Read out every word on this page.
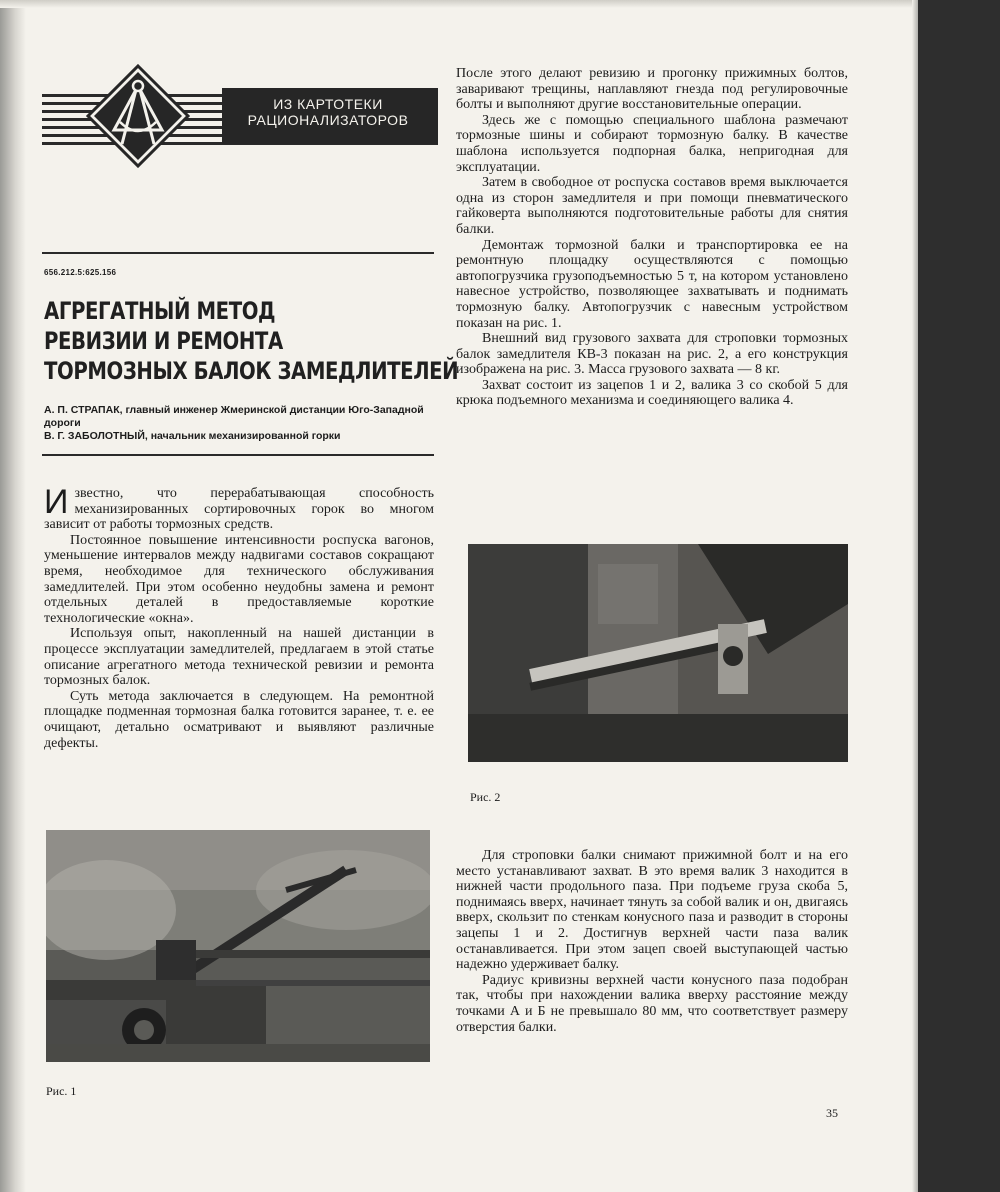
ИЗ КАРТОТЕКИ
РАЦИОНАЛИЗАТОРОВ
656.212.5:625.156
АГРЕГАТНЫЙ МЕТОД
РЕВИЗИИ И РЕМОНТА
ТОРМОЗНЫХ БАЛОК ЗАМЕДЛИТЕЛЕЙ
А. П. СТРАПАК, главный инженер Жмеринской дистанции Юго-Западной дороги
В. Г. ЗАБОЛОТНЫЙ, начальник механизированной горки

Известно, что перерабатывающая способность механизированных сортировочных горок во многом зависит от работы тормозных средств.

Постоянное повышение интенсивности роспуска вагонов, уменьшение интервалов между надвигами составов сокращают время, необходимое для технического обслуживания замедлителей. При этом особенно неудобны замена и ремонт отдельных деталей в предоставляемые короткие технологические «окна».

Используя опыт, накопленный на нашей дистанции в процессе эксплуатации замедлителей, предлагаем в этой статье описание агрегатного метода технической ревизии и ремонта тормозных балок.

Суть метода заключается в следующем. На ремонтной площадке подменная тормозная балка готовится заранее, т. е. ее очищают, детально осматривают и выявляют различные дефекты.

Рис. 1

После этого делают ревизию и прогонку прижимных болтов, заваривают трещины, наплавляют гнезда под регулировочные болты и выполняют другие восстановительные операции.

Здесь же с помощью специального шаблона размечают тормозные шины и собирают тормозную балку. В качестве шаблона используется подпорная балка, непригодная для эксплуатации.

Затем в свободное от роспуска составов время выключается одна из сторон замедлителя и при помощи пневматического гайковерта выполняются подготовительные работы для снятия балки.

Демонтаж тормозной балки и транспортировка ее на ремонтную площадку осуществляются с помощью автопогрузчика грузоподъемностью 5 т, на котором установлено навесное устройство, позволяющее захватывать и поднимать тормозную балку. Автопогрузчик с навесным устройством показан на рис. 1.

Внешний вид грузового захвата для строповки тормозных балок замедлителя КВ-3 показан на рис. 2, а его конструкция изображена на рис. 3. Масса грузового захвата — 8 кг.

Захват состоит из зацепов 1 и 2, валика 3 со скобой 5 для крюка подъемного механизма и соединяющего валика 4.

Рис. 2

Для строповки балки снимают прижимной болт и на его место устанавливают захват. В это время валик 3 находится в нижней части продольного паза. При подъеме груза скоба 5, поднимаясь вверх, начинает тянуть за собой валик и он, двигаясь вверх, скользит по стенкам конусного паза и разводит в стороны зацепы 1 и 2. Достигнув верхней части паза валик останавливается. При этом зацеп своей выступающей частью надежно удерживает балку.

Радиус кривизны верхней части конусного паза подобран так, чтобы при нахождении валика вверху расстояние между точками А и Б не превышало 80 мм, что соответствует размеру отверстия балки.

35
